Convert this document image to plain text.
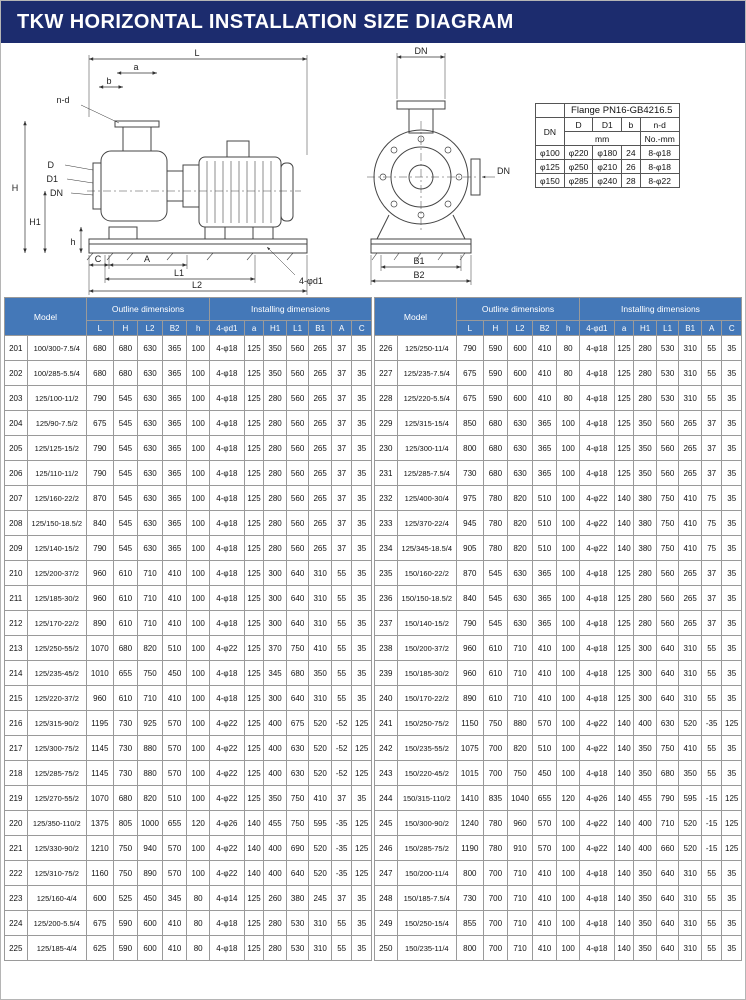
TKW HORIZONTAL INSTALLATION SIZE DIAGRAM
L
a
b
n-d
H
D
D1
DN
H1
h
C	A
L1
L2	4-φd1
DN
DN
B1
B2
	Flange PN16-GB4216.5			
DN	D	D1	b	n-d
	mm			No.-mm
φ100	φ220	φ180	24	8-φ18
φ125	φ250	φ210	26	8-φ18
φ150	φ285	φ240	28	8-φ22
Model		Outline dimensions					Installing dimensions						
		L	H	L2	B2	h	4-φd1	a	H1	L1	B1	A	C
201	100/300-7.5/4	680	680	630	365	100	4-φ18	125	350	560	265	37	35
202	100/285-5.5/4	680	680	630	365	100	4-φ18	125	350	560	265	37	35
203	125/100-11/2	790	545	630	365	100	4-φ18	125	280	560	265	37	35
204	125/90-7.5/2	675	545	630	365	100	4-φ18	125	280	560	265	37	35
205	125/125-15/2	790	545	630	365	100	4-φ18	125	280	560	265	37	35
206	125/110-11/2	790	545	630	365	100	4-φ18	125	280	560	265	37	35
207	125/160-22/2	870	545	630	365	100	4-φ18	125	280	560	265	37	35
208	125/150-18.5/2	840	545	630	365	100	4-φ18	125	280	560	265	37	35
209	125/140-15/2	790	545	630	365	100	4-φ18	125	280	560	265	37	35
210	125/200-37/2	960	610	710	410	100	4-φ18	125	300	640	310	55	35
211	125/185-30/2	960	610	710	410	100	4-φ18	125	300	640	310	55	35
212	125/170-22/2	890	610	710	410	100	4-φ18	125	300	640	310	55	35
213	125/250-55/2	1070	680	820	510	100	4-φ22	125	370	750	410	55	35
214	125/235-45/2	1010	655	750	450	100	4-φ18	125	345	680	350	55	35
215	125/220-37/2	960	610	710	410	100	4-φ18	125	300	640	310	55	35
216	125/315-90/2	1195	730	925	570	100	4-φ22	125	400	675	520	-52	125
217	125/300-75/2	1145	730	880	570	100	4-φ22	125	400	630	520	-52	125
218	125/285-75/2	1145	730	880	570	100	4-φ22	125	400	630	520	-52	125
219	125/270-55/2	1070	680	820	510	100	4-φ22	125	350	750	410	37	35
220	125/350-110/2	1375	805	1000	655	120	4-φ26	140	455	750	595	-35	125
221	125/330-90/2	1210	750	940	570	100	4-φ22	140	400	690	520	-35	125
222	125/310-75/2	1160	750	890	570	100	4-φ22	140	400	640	520	-35	125
223	125/160-4/4	600	525	450	345	80	4-φ14	125	260	380	245	37	35
224	125/200-5.5/4	675	590	600	410	80	4-φ18	125	280	530	310	55	35
225	125/185-4/4	625	590	600	410	80	4-φ18	125	280	530	310	55	35
Model		Outline dimensions					Installing dimensions						
		L	H	L2	B2	h	4-φd1	a	H1	L1	B1	A	C
226	125/250-11/4	790	590	600	410	80	4-φ18	125	280	530	310	55	35
227	125/235-7.5/4	675	590	600	410	80	4-φ18	125	280	530	310	55	35
228	125/220-5.5/4	675	590	600	410	80	4-φ18	125	280	530	310	55	35
229	125/315-15/4	850	680	630	365	100	4-φ18	125	350	560	265	37	35
230	125/300-11/4	800	680	630	365	100	4-φ18	125	350	560	265	37	35
231	125/285-7.5/4	730	680	630	365	100	4-φ18	125	350	560	265	37	35
232	125/400-30/4	975	780	820	510	100	4-φ22	140	380	750	410	75	35
233	125/370-22/4	945	780	820	510	100	4-φ22	140	380	750	410	75	35
234	125/345-18.5/4	905	780	820	510	100	4-φ22	140	380	750	410	75	35
235	150/160-22/2	870	545	630	365	100	4-φ18	125	280	560	265	37	35
236	150/150-18.5/2	840	545	630	365	100	4-φ18	125	280	560	265	37	35
237	150/140-15/2	790	545	630	365	100	4-φ18	125	280	560	265	37	35
238	150/200-37/2	960	610	710	410	100	4-φ18	125	300	640	310	55	35
239	150/185-30/2	960	610	710	410	100	4-φ18	125	300	640	310	55	35
240	150/170-22/2	890	610	710	410	100	4-φ18	125	300	640	310	55	35
241	150/250-75/2	1150	750	880	570	100	4-φ22	140	400	630	520	-35	125
242	150/235-55/2	1075	700	820	510	100	4-φ22	140	350	750	410	55	35
243	150/220-45/2	1015	700	750	450	100	4-φ18	140	350	680	350	55	35
244	150/315-110/2	1410	835	1040	655	120	4-φ26	140	455	790	595	-15	125
245	150/300-90/2	1240	780	960	570	100	4-φ22	140	400	710	520	-15	125
246	150/285-75/2	1190	780	910	570	100	4-φ22	140	400	660	520	-15	125
247	150/200-11/4	800	700	710	410	100	4-φ18	140	350	640	310	55	35
248	150/185-7.5/4	730	700	710	410	100	4-φ18	140	350	640	310	55	35
249	150/250-15/4	855	700	710	410	100	4-φ18	140	350	640	310	55	35
250	150/235-11/4	800	700	710	410	100	4-φ18	140	350	640	310	55	35
